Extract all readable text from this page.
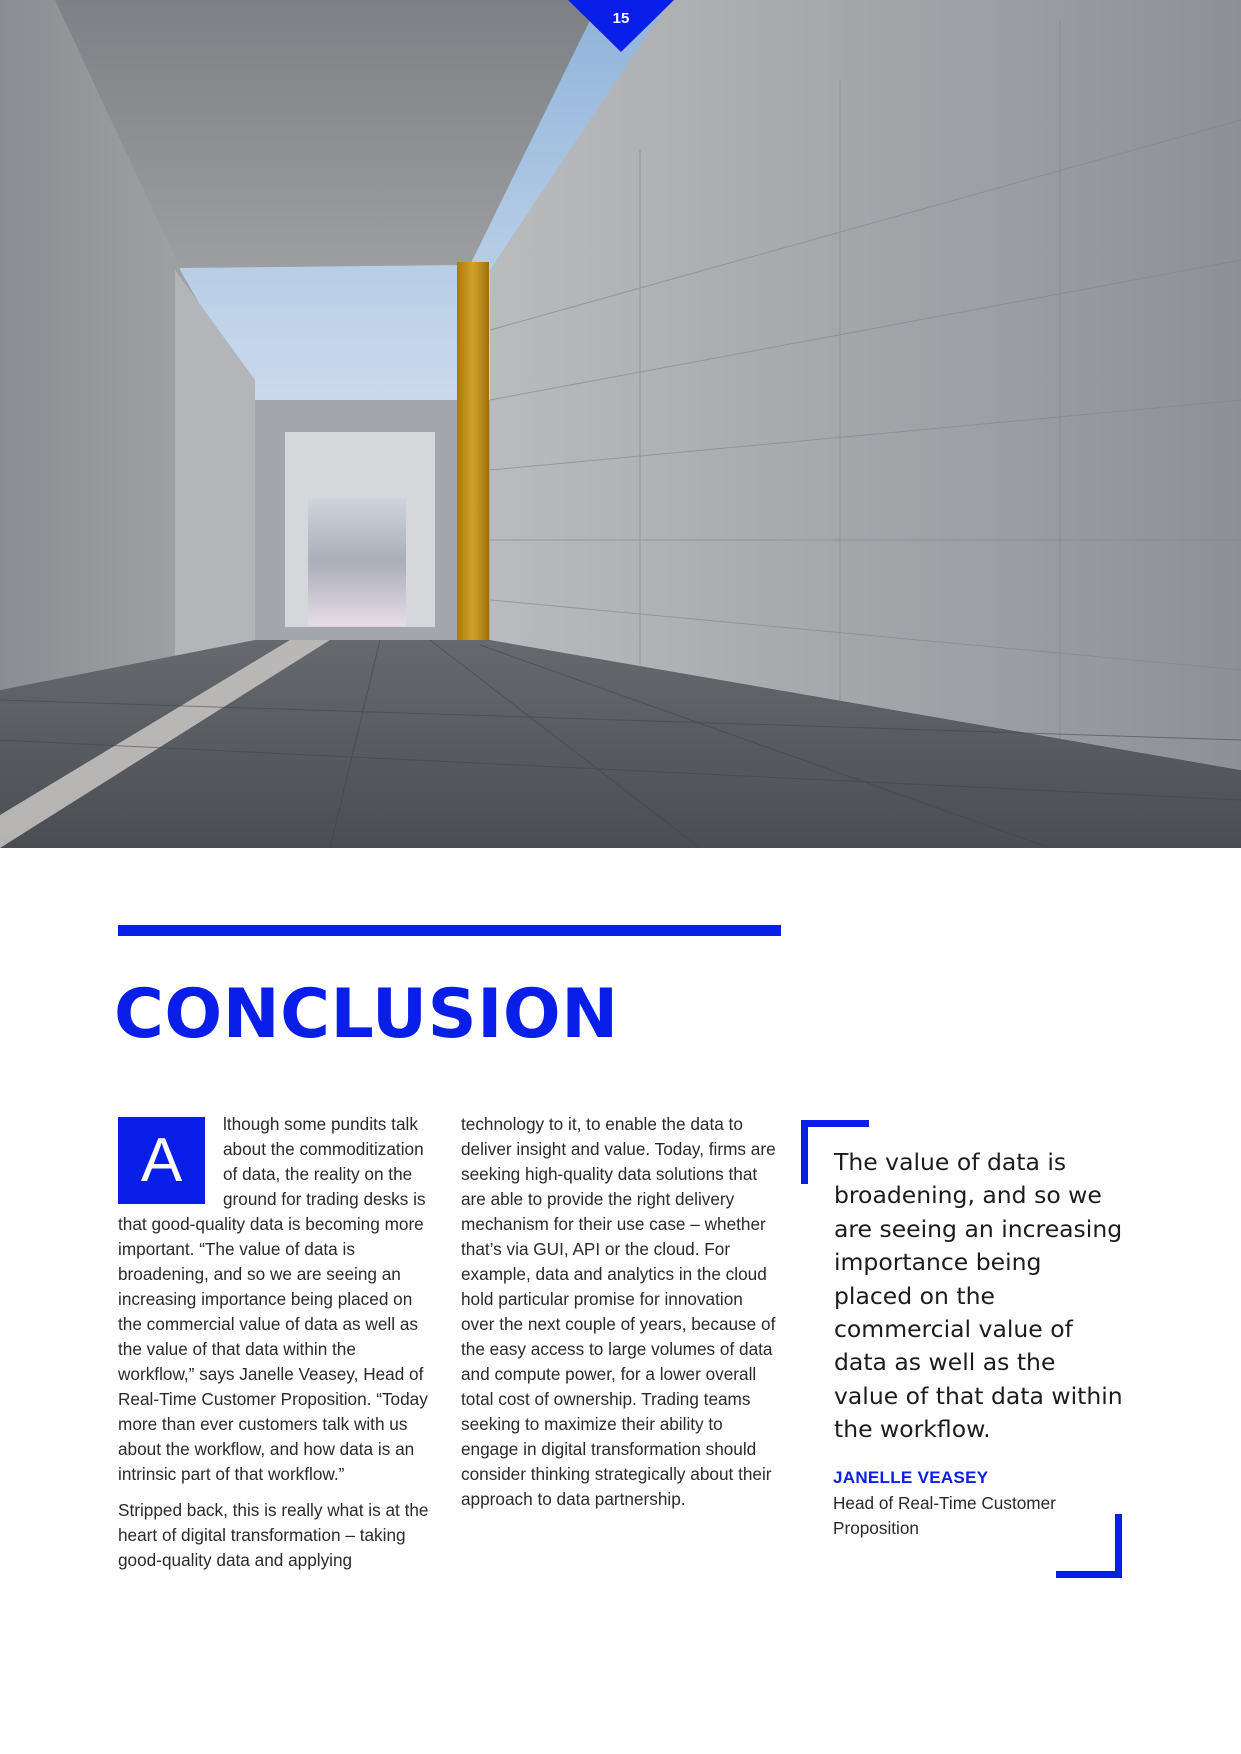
15
CONCLUSION

A
lthough some pundits talk about the commoditization of data, the reality on the ground for trading desks is that good-quality data is becoming more important. “The value of data is broadening, and so we are seeing an increasing importance being placed on the commercial value of data as well as the value of that data within the workflow,” says Janelle Veasey, Head of Real-Time Customer Proposition. “Today more than ever customers talk with us about the workflow, and how data is an intrinsic part of that workflow.”

Stripped back, this is really what is at the heart of digital transformation – taking good-quality data and applying

technology to it, to enable the data to deliver insight and value. Today, firms are seeking high-quality data solutions that are able to provide the right delivery mechanism for their use case – whether that’s via GUI, API or the cloud. For example, data and analytics in the cloud hold particular promise for innovation over the next couple of years, because of the easy access to large volumes of data and compute power, for a lower overall total cost of ownership. Trading teams seeking to maximize their ability to engage in digital transformation should consider thinking strategically about their approach to data partnership.

The value of data is broadening, and so we are seeing an increasing importance being placed on the commercial value of data as well as the value of that data within the workflow.

JANELLE VEASEY

Head of Real-Time Customer Proposition
